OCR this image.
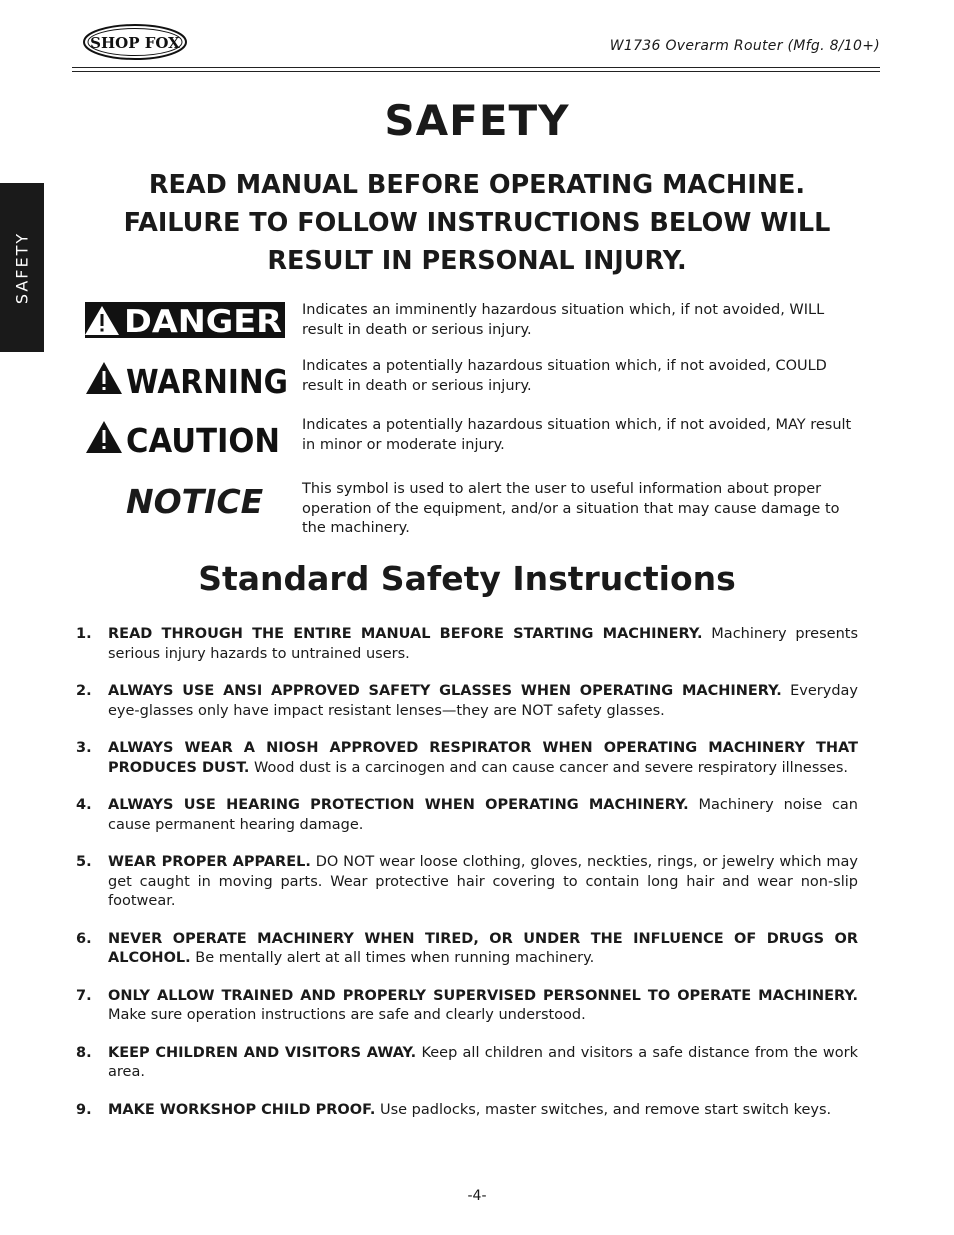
SHOP FOX	W1736 Overarm Router (Mfg. 8/10+)
SAFETY
SAFETY
READ MANUAL BEFORE OPERATING MACHINE.
FAILURE TO FOLLOW INSTRUCTIONS BELOW WILL
RESULT IN PERSONAL INJURY.
DANGER Indicates an imminently hazardous situation which, if not avoided, WILL result in death or serious injury.
WARNING Indicates a potentially hazardous situation which, if not avoided, COULD result in death or serious injury.
CAUTION Indicates a potentially hazardous situation which, if not avoided, MAY result in minor or moderate injury.
NOTICE	This symbol is used to alert the user to useful information about proper operation of the equipment, and/or a situation that may cause damage to the machinery.
Standard Safety Instructions
1. READ THROUGH THE ENTIRE MANUAL BEFORE STARTING MACHINERY. Machinery presents serious injury hazards to untrained users.
2. ALWAYS USE ANSI APPROVED SAFETY GLASSES WHEN OPERATING MACHINERY. Everyday eye-glasses only have impact resistant lenses—they are NOT safety glasses.
3. ALWAYS WEAR A NIOSH APPROVED RESPIRATOR WHEN OPERATING MACHINERY THAT PRODUCES DUST. Wood dust is a carcinogen and can cause cancer and severe respiratory illnesses.
4. ALWAYS USE HEARING PROTECTION WHEN OPERATING MACHINERY. Machinery noise can cause permanent hearing damage.
5. WEAR PROPER APPAREL. DO NOT wear loose clothing, gloves, neckties, rings, or jewelry which may get caught in moving parts. Wear protective hair covering to contain long hair and wear non-slip footwear.
6. NEVER OPERATE MACHINERY WHEN TIRED, OR UNDER THE INFLUENCE OF DRUGS OR ALCOHOL. Be mentally alert at all times when running machinery.
7. ONLY ALLOW TRAINED AND PROPERLY SUPERVISED PERSONNEL TO OPERATE MACHINERY. Make sure operation instructions are safe and clearly understood.
8. KEEP CHILDREN AND VISITORS AWAY. Keep all children and visitors a safe distance from the work area.
9. MAKE WORKSHOP CHILD PROOF. Use padlocks, master switches, and remove start switch keys.
-4-
